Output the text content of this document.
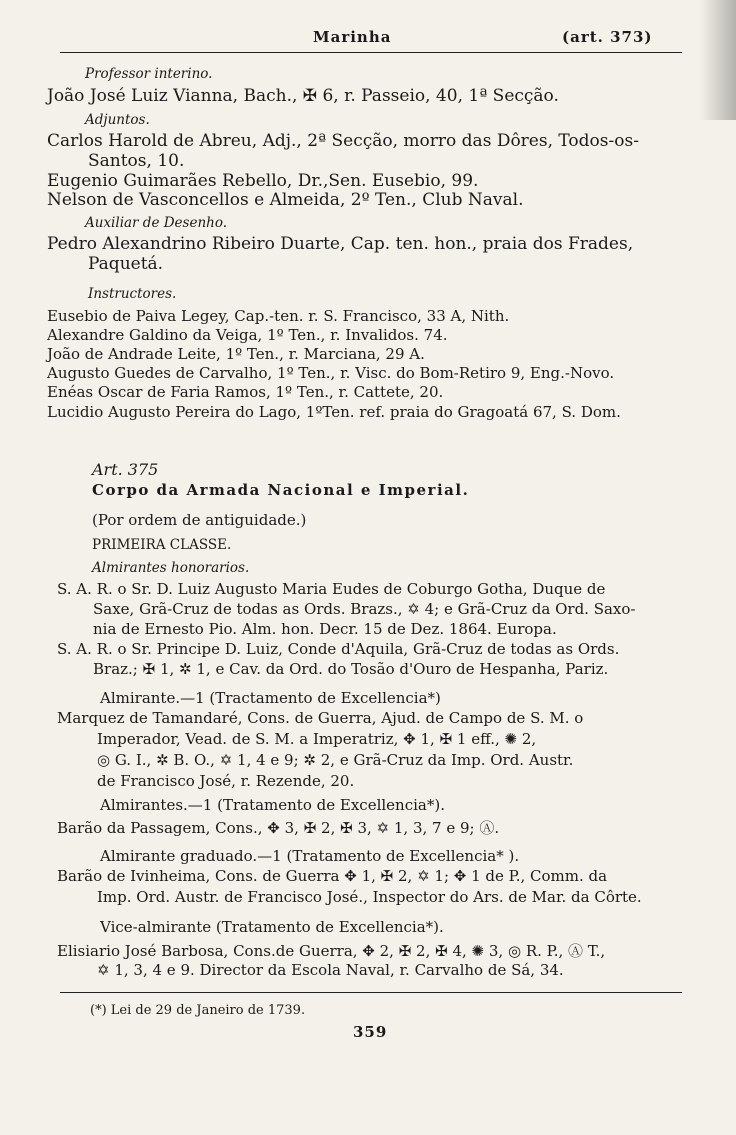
Marinha	(art. 373)
Professor interino.
João José Luiz Vianna, Bach., ✠ 6, r. Passeio, 40, 1ª Secção.
Adjuntos.
Carlos Harold de Abreu, Adj., 2ª Secção, morro das Dôres, Todos-os-
Santos, 10.
Eugenio Guimarães Rebello, Dr.,Sen. Eusebio, 99.
Nelson de Vasconcellos e Almeida, 2º Ten., Club Naval.
Auxiliar de Desenho.
Pedro Alexandrino Ribeiro Duarte, Cap. ten. hon., praia dos Frades,
Paquetá.
Instructores.
Eusebio de Paiva Legey, Cap.-ten. r. S. Francisco, 33 A, Nith.
Alexandre Galdino da Veiga, 1º Ten., r. Invalidos. 74.
João de Andrade Leite, 1º Ten., r. Marciana, 29 A.
Augusto Guedes de Carvalho, 1º Ten., r. Visc. do Bom-Retiro 9, Eng.-Novo.
Enéas Oscar de Faria Ramos, 1º Ten., r. Cattete, 20.
Lucidio Augusto Pereira do Lago, 1ºTen. ref. praia do Gragoatá 67, S. Dom.
Art. 375
Corpo da Armada Nacional e Imperial.
(Por ordem de antiguidade.)
PRIMEIRA CLASSE.
Almirantes honorarios.
S. A. R. o Sr. D. Luiz Augusto Maria Eudes de Coburgo Gotha, Duque de
Saxe, Grã-Cruz de todas as Ords. Brazs., ✡ 4; e Grã-Cruz da Ord. Saxo-
nia de Ernesto Pio. Alm. hon. Decr. 15 de Dez. 1864. Europa.
S. A. R. o Sr. Principe D. Luiz, Conde d'Aquila, Grã-Cruz de todas as Ords.
Braz.; ✠ 1, ✲ 1, e Cav. da Ord. do Tosão d'Ouro de Hespanha, Pariz.
Almirante.—1 (Tractamento de Excellencia*)
Marquez de Tamandaré, Cons. de Guerra, Ajud. de Campo de S. M. o
Imperador, Vead. de S. M. a Imperatriz, ✥ 1, ✠ 1 eff., ✺ 2,
◎ G. I., ✲ B. O., ✡ 1, 4 e 9; ✲ 2, e Grã-Cruz da Imp. Ord. Austr.
de Francisco José, r. Rezende, 20.
Almirantes.—1 (Tratamento de Excellencia*).
Barão da Passagem, Cons., ✥ 3, ✠ 2, ✠ 3, ✡ 1, 3, 7 e 9; Ⓐ.
Almirante graduado.—1 (Tratamento de Excellencia* ).
Barão de Ivinheima, Cons. de Guerra ✥ 1, ✠ 2, ✡ 1; ✥ 1 de P., Comm. da
Imp. Ord. Austr. de Francisco José., Inspector do Ars. de Mar. da Côrte.
Vice-almirante (Tratamento de Excellencia*).
Elisiario José Barbosa, Cons.de Guerra, ✥ 2, ✠ 2, ✠ 4, ✺ 3, ◎ R. P., Ⓐ T.,
✡ 1, 3, 4 e 9. Director da Escola Naval, r. Carvalho de Sá, 34.
(*) Lei de 29 de Janeiro de 1739.
359
